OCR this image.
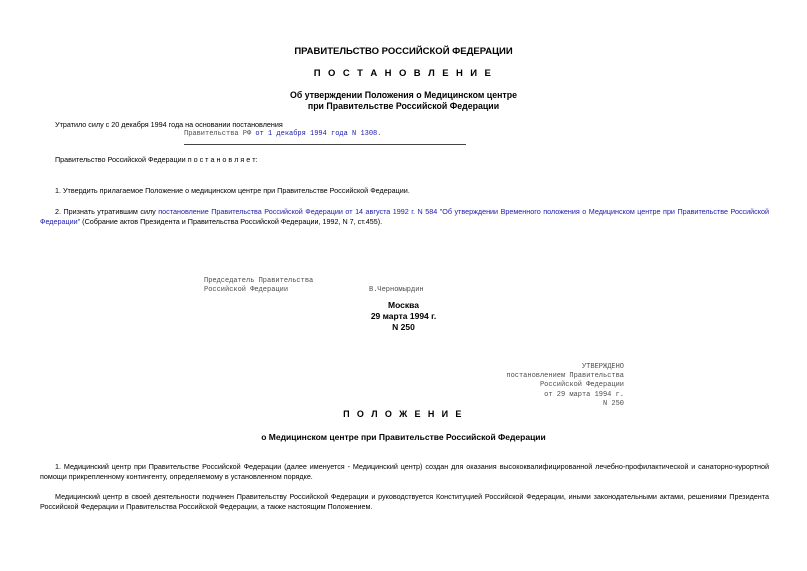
ПРАВИТЕЛЬСТВО РОССИЙСКОЙ ФЕДЕРАЦИИ
П О С Т А Н О В Л Е Н И Е
Об утверждении Положения о Медицинском центре
при Правительстве Российской Федерации
Утратило силу с 20 декабря 1994 года на основании постановления
Правительства РФ от 1 декабря 1994 года N 1308.
Правительство Российской Федерации п о с т а н о в л я е т:
1. Утвердить прилагаемое Положение о медицинском центре при Правительстве Российской Федерации.
2. Признать утратившим силу постановление Правительства Российской Федерации от 14 августа 1992 г. N 584 "Об утверждении Временного положения о Медицинском центре при Правительстве Российской Федерации" (Собрание актов Президента и Правительства Российской Федерации, 1992, N 7, ст.455).
Председатель Правительства
Российской Федерации	В.Черномырдин
Москва
29 марта 1994 г.
N 250
УТВЕРЖДЕНО
постановлением Правительства
Российской Федерации
от 29 марта 1994 г.
N 250
П О Л О Ж Е Н И Е
о Медицинском центре при Правительстве Российской Федерации
1. Медицинский центр при Правительстве Российской Федерации (далее именуется - Медицинский центр) создан для оказания высококвалифицированной лечебно-профилактической и санаторно-курортной помощи прикрепленному контингенту, определяемому в установленном порядке.
Медицинский центр в своей деятельности подчинен Правительству Российской Федерации и руководствуется Конституцией Российской Федерации, иными законодательными актами, решениями Президента Российской Федерации и Правительства Российской Федерации, а также настоящим Положением.
